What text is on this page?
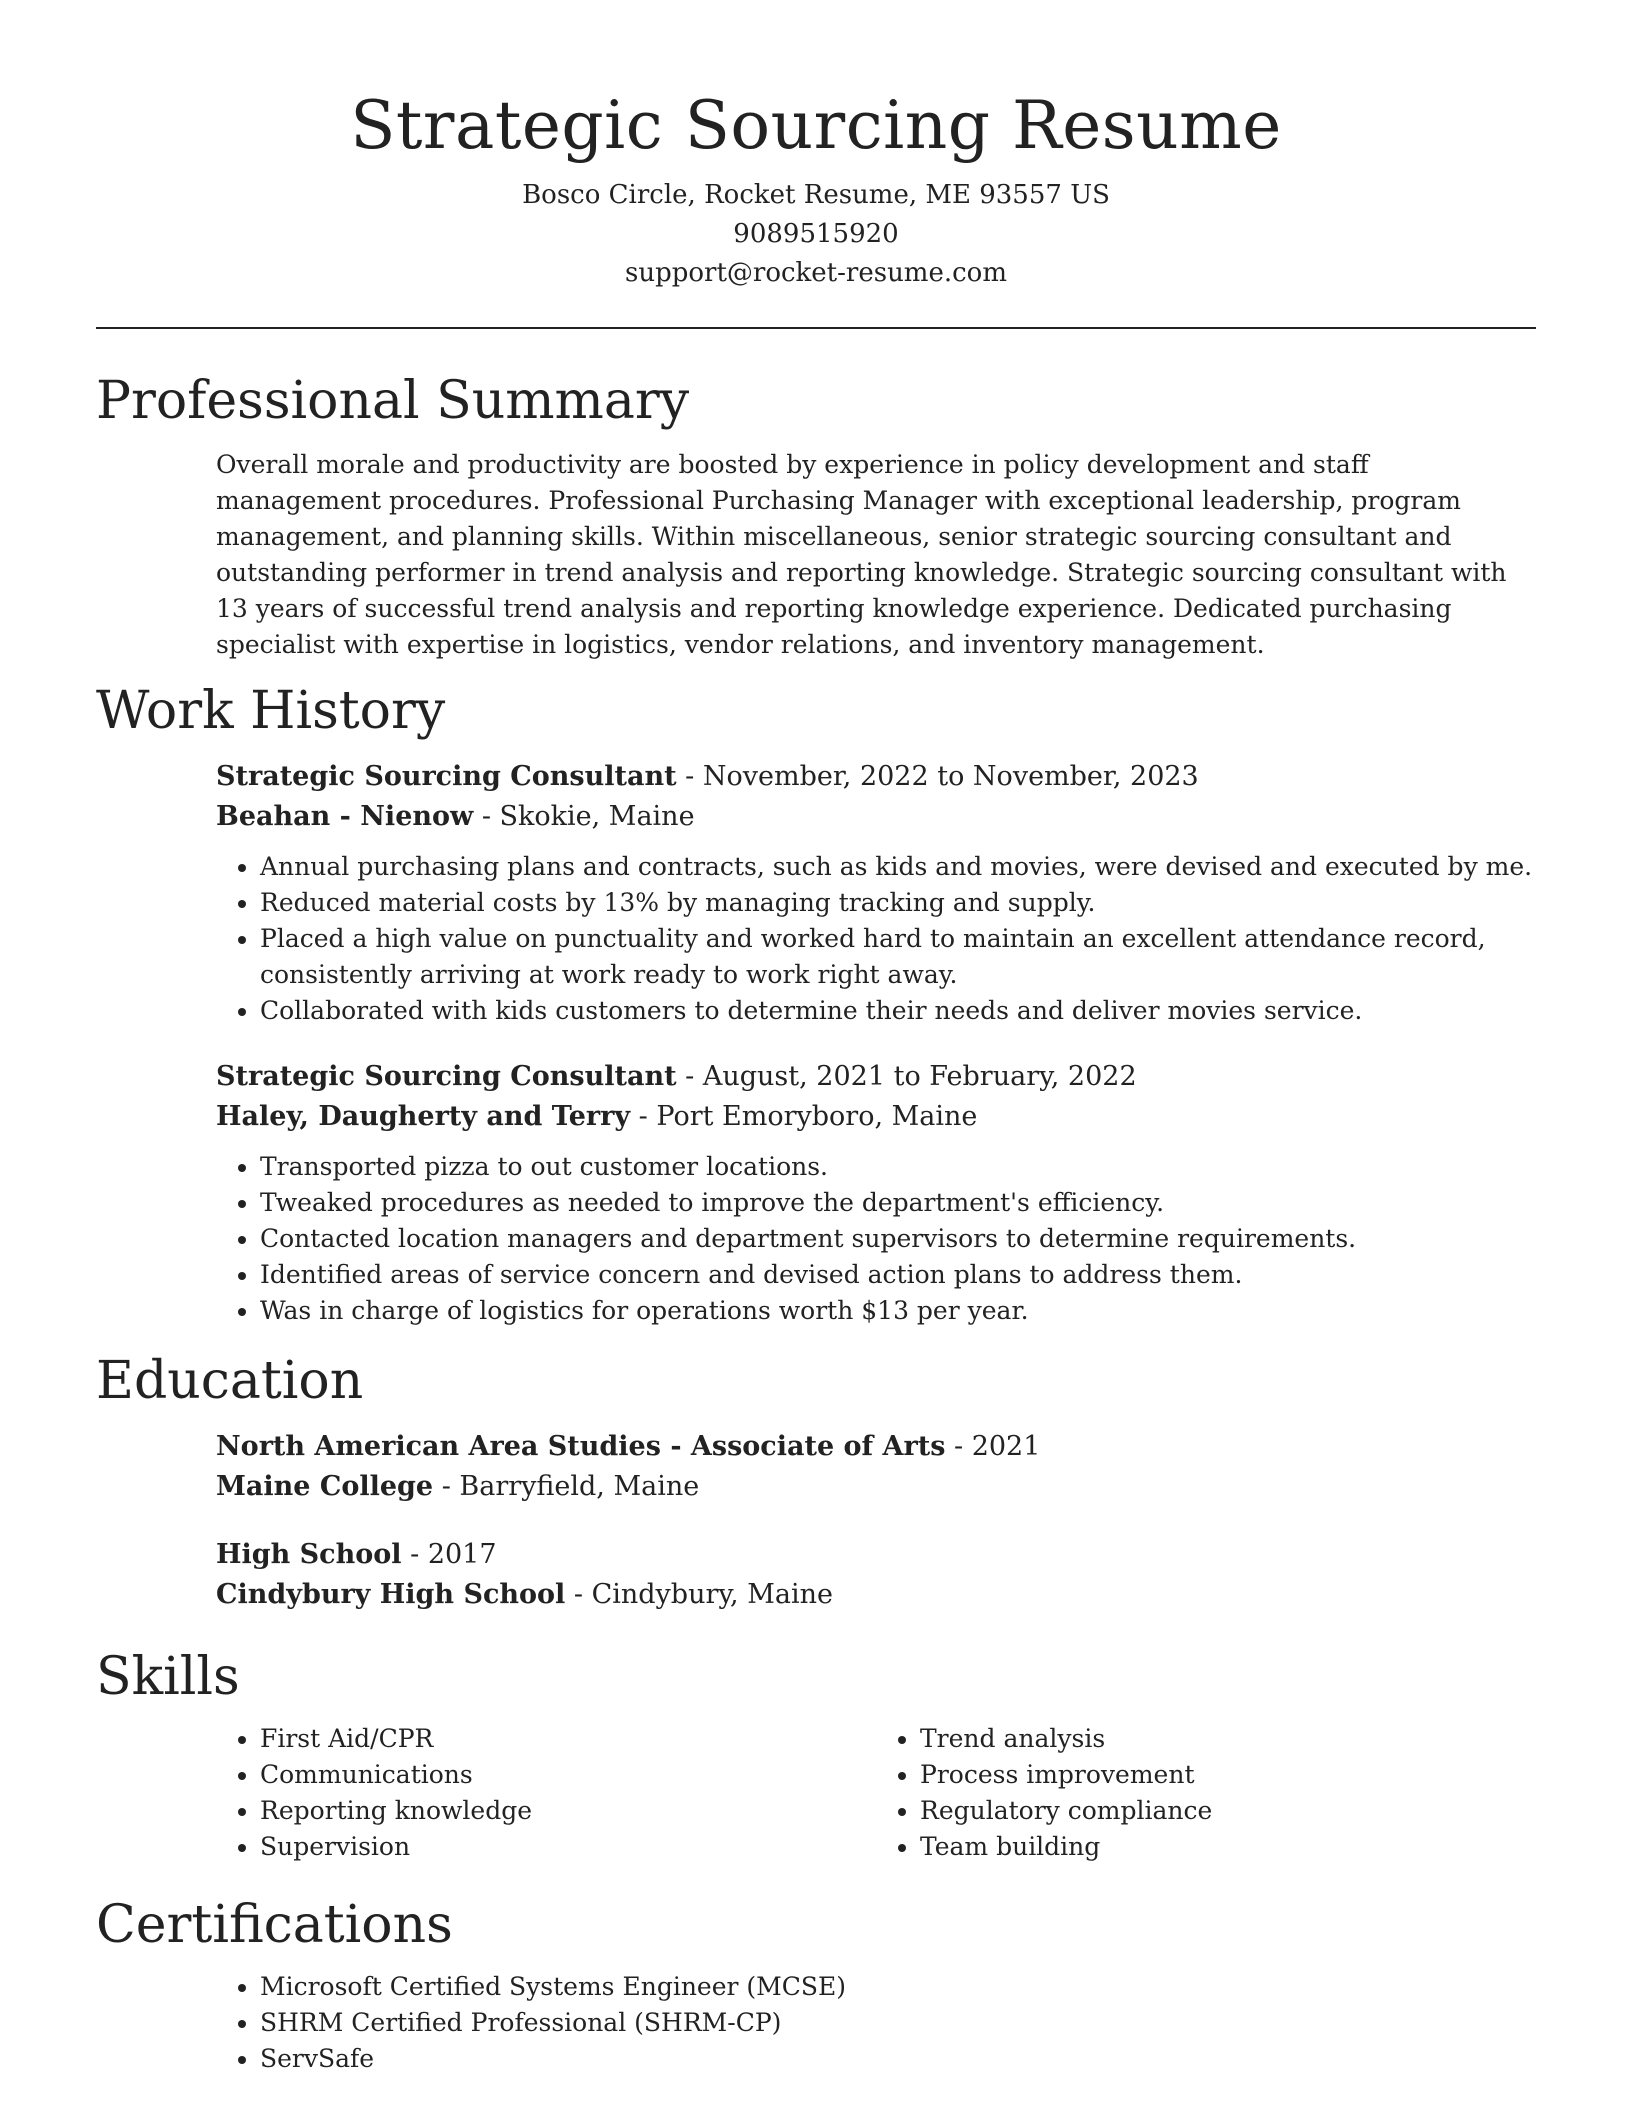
Strategic Sourcing Resume
Bosco Circle, Rocket Resume, ME 93557 US
9089515920
support@rocket-resume.com
Professional Summary
Overall morale and productivity are boosted by experience in policy development and staff management procedures. Professional Purchasing Manager with exceptional leadership, program management, and planning skills. Within miscellaneous, senior strategic sourcing consultant and outstanding performer in trend analysis and reporting knowledge. Strategic sourcing consultant with 13 years of successful trend analysis and reporting knowledge experience. Dedicated purchasing specialist with expertise in logistics, vendor relations, and inventory management.
Work History
Strategic Sourcing Consultant - November, 2022 to November, 2023
Beahan - Nienow - Skokie, Maine
• Annual purchasing plans and contracts, such as kids and movies, were devised and executed by me.
• Reduced material costs by 13% by managing tracking and supply.
• Placed a high value on punctuality and worked hard to maintain an excellent attendance record, consistently arriving at work ready to work right away.
• Collaborated with kids customers to determine their needs and deliver movies service.
Strategic Sourcing Consultant - August, 2021 to February, 2022
Haley, Daugherty and Terry - Port Emoryboro, Maine
• Transported pizza to out customer locations.
• Tweaked procedures as needed to improve the department's efficiency.
• Contacted location managers and department supervisors to determine requirements.
• Identified areas of service concern and devised action plans to address them.
• Was in charge of logistics for operations worth $13 per year.
Education
North American Area Studies - Associate of Arts - 2021
Maine College - Barryfield, Maine
High School - 2017
Cindybury High School - Cindybury, Maine
Skills
• First Aid/CPR
• Communications
• Reporting knowledge
• Supervision
• Trend analysis
• Process improvement
• Regulatory compliance
• Team building
Certifications
• Microsoft Certified Systems Engineer (MCSE)
• SHRM Certified Professional (SHRM-CP)
• ServSafe
